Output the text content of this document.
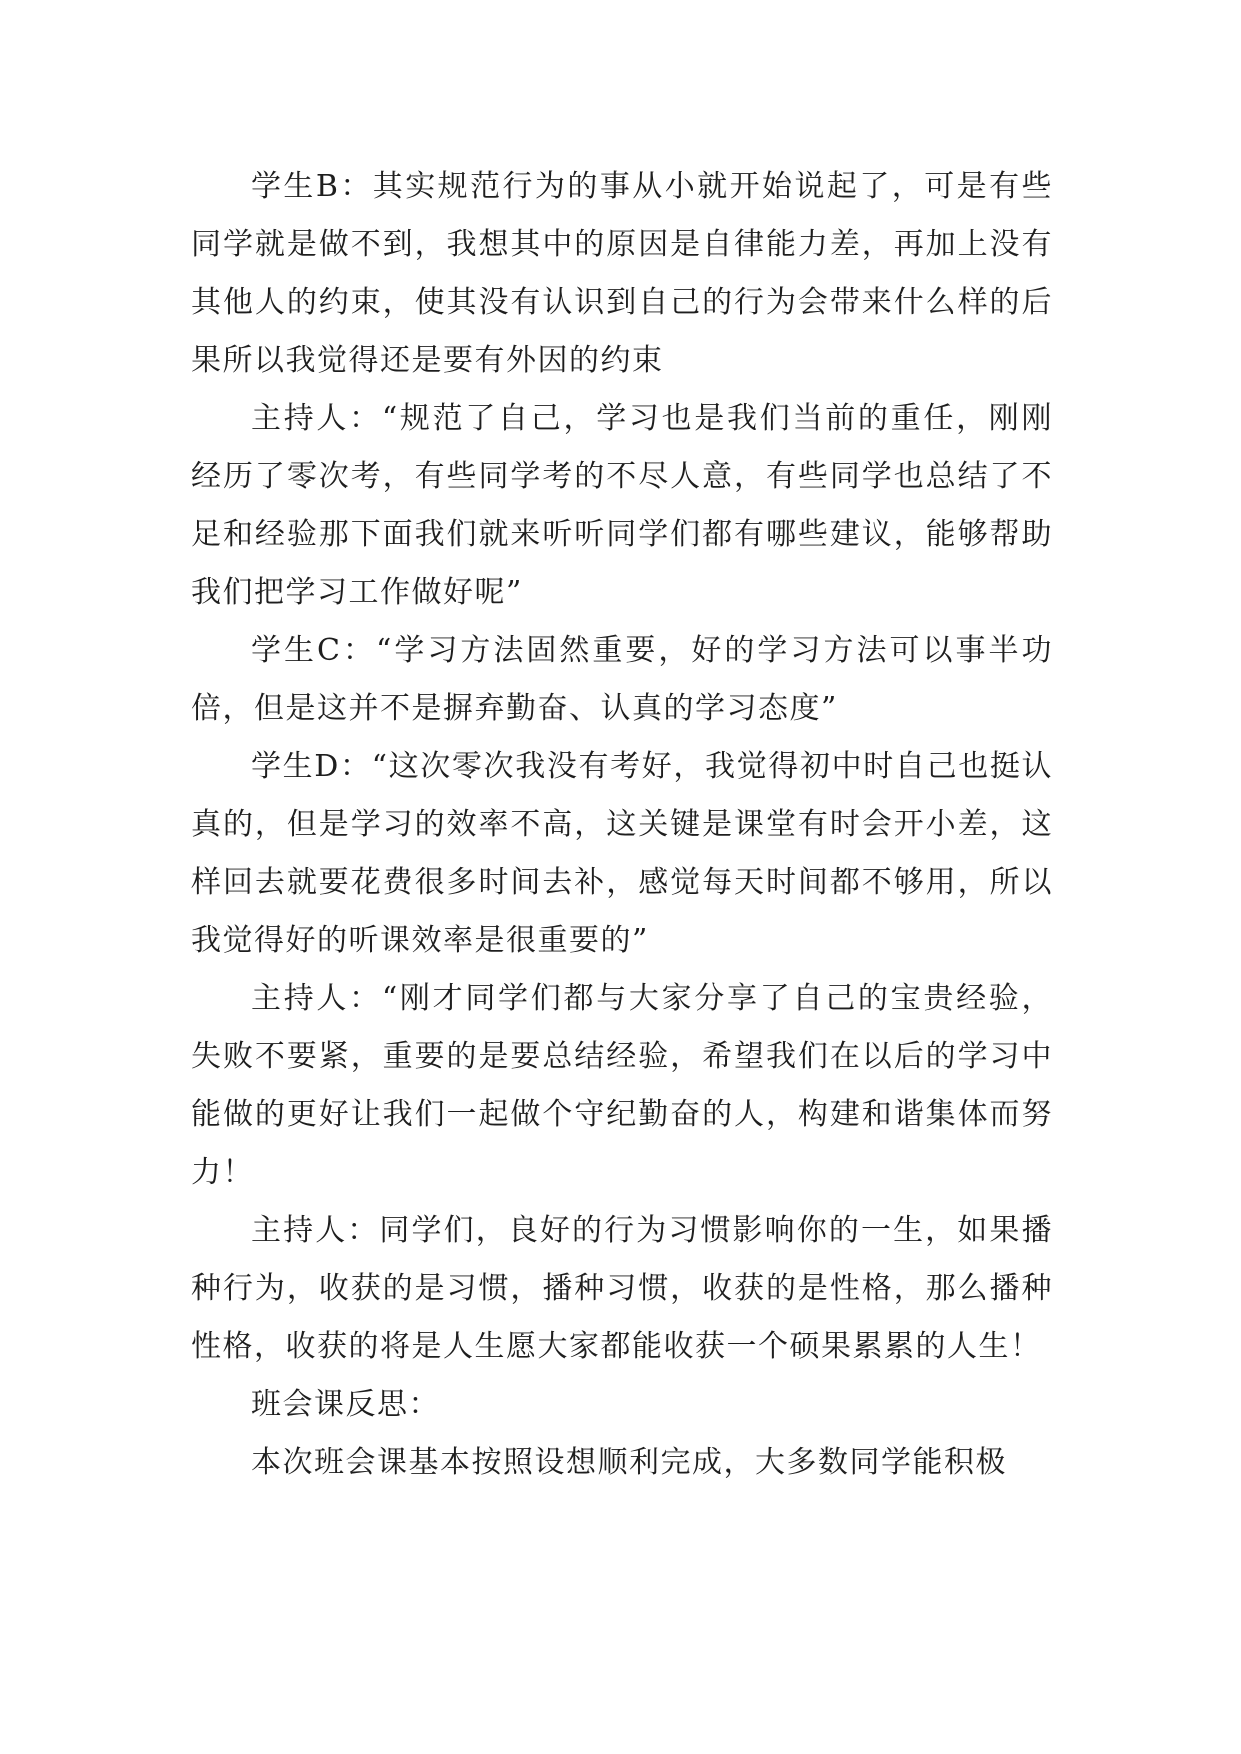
学生B：其实规范行为的事从小就开始说起了，可是有些同学就是做不到，我想其中的原因是自律能力差，再加上没有其他人的约束，使其没有认识到自己的行为会带来什么样的后果所以我觉得还是要有外因的约束

主持人：“规范了自己，学习也是我们当前的重任，刚刚经历了零次考，有些同学考的不尽人意，有些同学也总结了不足和经验那下面我们就来听听同学们都有哪些建议，能够帮助我们把学习工作做好呢”

学生C：“学习方法固然重要，好的学习方法可以事半功倍，但是这并不是摒弃勤奋、认真的学习态度”

学生D：“这次零次我没有考好，我觉得初中时自己也挺认真的，但是学习的效率不高，这关键是课堂有时会开小差，这样回去就要花费很多时间去补，感觉每天时间都不够用，所以我觉得好的听课效率是很重要的”

主持人：“刚才同学们都与大家分享了自己的宝贵经验，失败不要紧，重要的是要总结经验，希望我们在以后的学习中能做的更好让我们一起做个守纪勤奋的人，构建和谐集体而努力！

主持人：同学们，良好的行为习惯影响你的一生，如果播种行为，收获的是习惯，播种习惯，收获的是性格，那么播种性格，收获的将是人生愿大家都能收获一个硕果累累的人生！

班会课反思：

本次班会课基本按照设想顺利完成，大多数同学能积极
